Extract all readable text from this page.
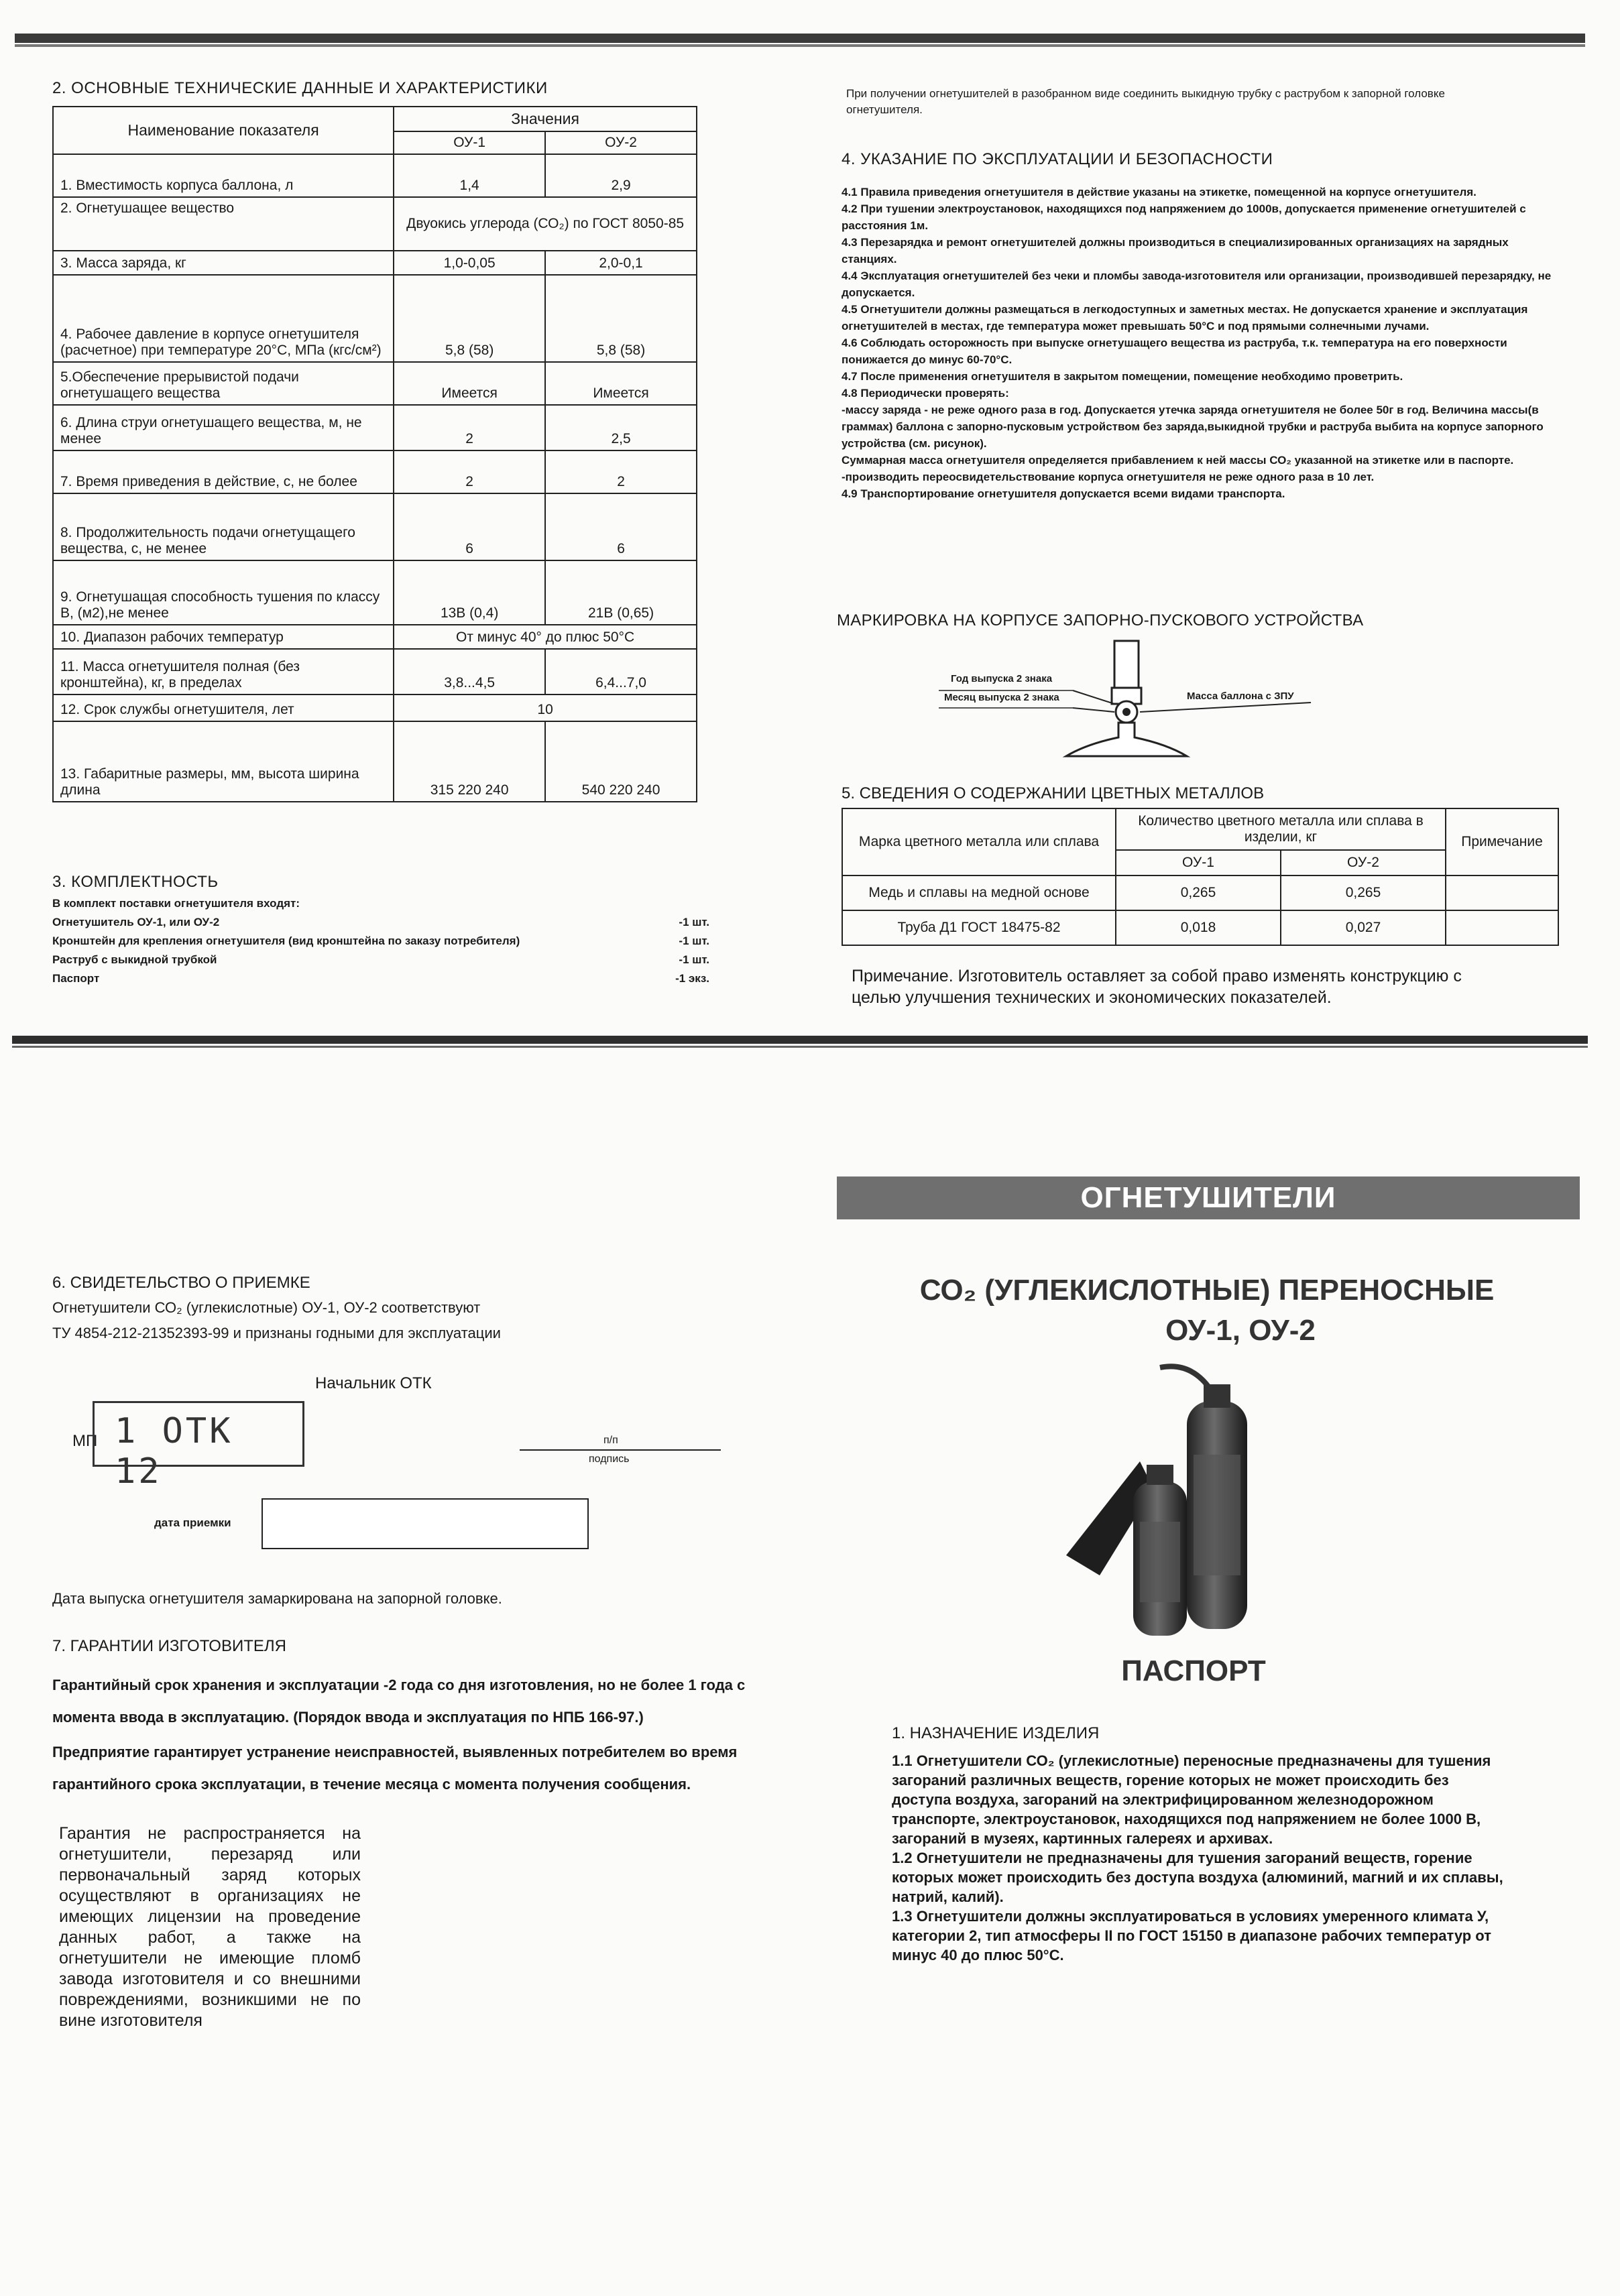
2. ОСНОВНЫЕ ТЕХНИЧЕСКИЕ ДАННЫЕ И ХАРАКТЕРИСТИКИ
Наименование показателя	Значения	
	ОУ-1	ОУ-2
1. Вместимость корпуса баллона, л	1,4	2,9
2. Огнетушащее вещество	Двуокись углерода (СО₂) по ГОСТ 8050-85	
3. Масса заряда, кг	1,0-0,05	2,0-0,1
4. Рабочее давление в корпусе огнетушителя (расчетное) при температуре 20°С, МПа (кгс/см²)	5,8 (58)	5,8 (58)
5.Обеспечение прерывистой подачи огнетушащего вещества	Имеется	Имеется
6. Длина струи огнетушащего вещества, м, не менее	2	2,5
7. Время приведения в действие, с, не более	2	2
8. Продолжительность подачи огнетущащего вещества, с, не менее	6	6
9. Огнетушащая способность тушения по классу В, (м2),не менее	13В (0,4)	21В (0,65)
10. Диапазон рабочих температур	От минус 40° до плюс 50°С	
11. Масса огнетушителя полная (без кронштейна), кг, в пределах	3,8...4,5	6,4...7,0
12. Срок службы огнетушителя, лет	10	
13. Габаритные размеры, мм, высота ширина длина	315 220 240	540 220 240
3. КОМПЛЕКТНОСТЬ
В комплект поставки огнетушителя входят:
Огнетушитель ОУ-1, или ОУ-2	-1 шт.
Кронштейн для крепления огнетушителя (вид кронштейна по заказу потребителя)	-1 шт.
Раструб с выкидной трубкой	-1 шт.
Паспорт	-1 экз.
При получении огнетушителей в разобранном виде соединить выкидную трубку с раструбом к запорной головке огнетушителя.
4. УКАЗАНИЕ ПО ЭКСПЛУАТАЦИИ И БЕЗОПАСНОСТИ
4.1 Правила приведения огнетушителя в действие указаны на этикетке, помещенной на корпусе огнетушителя.
4.2 При тушении электроустановок, находящихся под напряжением до 1000в, допускается применение огнетушителей с расстояния 1м.
4.3 Перезарядка и ремонт огнетушителей должны производиться в специализированных организациях на зарядных станциях.
4.4 Эксплуатация огнетушителей без чеки и пломбы завода-изготовителя или организации, производившей перезарядку, не допускается.
4.5 Огнетушители должны размещаться в легкодоступных и заметных местах. Не допускается хранение и эксплуатация огнетушителей в местах, где температура может превышать 50°С и под прямыми солнечными лучами.
4.6 Соблюдать осторожность при выпуске огнетушащего вещества из раструба, т.к. температура на его поверхности понижается до минус 60-70°С.
4.7 После применения огнетушителя в закрытом помещении, помещение необходимо проветрить.
4.8 Периодически проверять:
-массу заряда - не реже одного раза в год. Допускается утечка заряда огнетушителя не более 50г в год. Величина массы(в граммах) баллона с запорно-пусковым устройством без заряда,выкидной трубки и раструба выбита на корпусе запорного устройства (см. рисунок).
Суммарная масса огнетушителя определяется прибавлением к ней массы СО₂ указанной на этикетке или в паспорте.
-производить переосвидетельствование корпуса огнетушителя не реже одного раза в 10 лет.
4.9 Транспортирование огнетушителя допускается всеми видами транспорта.
МАРКИРОВКА НА КОРПУСЕ ЗАПОРНО-ПУСКОВОГО УСТРОЙСТВА
Год выпуска 2 знака
Месяц выпуска 2 знака	Масса баллона с ЗПУ
5. СВЕДЕНИЯ О СОДЕРЖАНИИ ЦВЕТНЫХ МЕТАЛЛОВ
Марка цветного металла или сплава	Количество цветного металла или сплава в изделии, кг		Примечание
	ОУ-1	ОУ-2	
Медь и сплавы на медной основе	0,265	0,265	
Труба Д1 ГОСТ 18475-82	0,018	0,027	
Примечание. Изготовитель оставляет за собой право изменять конструкцию с целью улучшения технических и экономических показателей.
6. СВИДЕТЕЛЬСТВО О ПРИЕМКЕ
Огнетушители СО₂ (углекислотные) ОУ-1, ОУ-2 соответствуют
ТУ 4854-212-21352393-99 и признаны годными для эксплуатации
Начальник ОТК
МП 1 ОТК 12
п/п
подпись
дата приемки
Дата выпуска огнетушителя замаркирована на запорной головке.
7. ГАРАНТИИ ИЗГОТОВИТЕЛЯ
Гарантийный срок хранения и эксплуатации -2 года со дня изготовления, но не более 1 года с момента ввода в эксплуатацию. (Порядок ввода и эксплуатация по НПБ 166-97.)
Предприятие гарантирует устранение неисправностей, выявленных потребителем во время гарантийного срока эксплуатации, в течение месяца с момента получения сообщения.
Гарантия не распространяется на огнетушители, перезаряд или первоначальный заряд которых осуществляют в организациях не имеющих лицензии на проведение данных работ, а также на огнетушители не имеющие пломб завода изготовителя и со внешними повреждениями, возникшими не по вине изготовителя
ОГНЕТУШИТЕЛИ
СО₂ (УГЛЕКИСЛОТНЫЕ) ПЕРЕНОСНЫЕ
ОУ-1, ОУ-2
ПАСПОРТ
1. НАЗНАЧЕНИЕ ИЗДЕЛИЯ
1.1 Огнетушители СО₂ (углекислотные) переносные предназначены для тушения загораний различных веществ, горение которых не может происходить без доступа воздуха, загораний на электрифицированном железнодорожном транспорте, электроустановок, находящихся под напряжением не более 1000 В, загораний в музеях, картинных галереях и архивах.
1.2 Огнетушители не предназначены для тушения загораний веществ, горение которых может происходить без доступа воздуха (алюминий, магний и их сплавы, натрий, калий).
1.3 Огнетушители должны эксплуатироваться в условиях умеренного климата У, категории 2, тип атмосферы II по ГОСТ 15150 в диапазоне рабочих температур от минус 40 до плюс 50°С.
